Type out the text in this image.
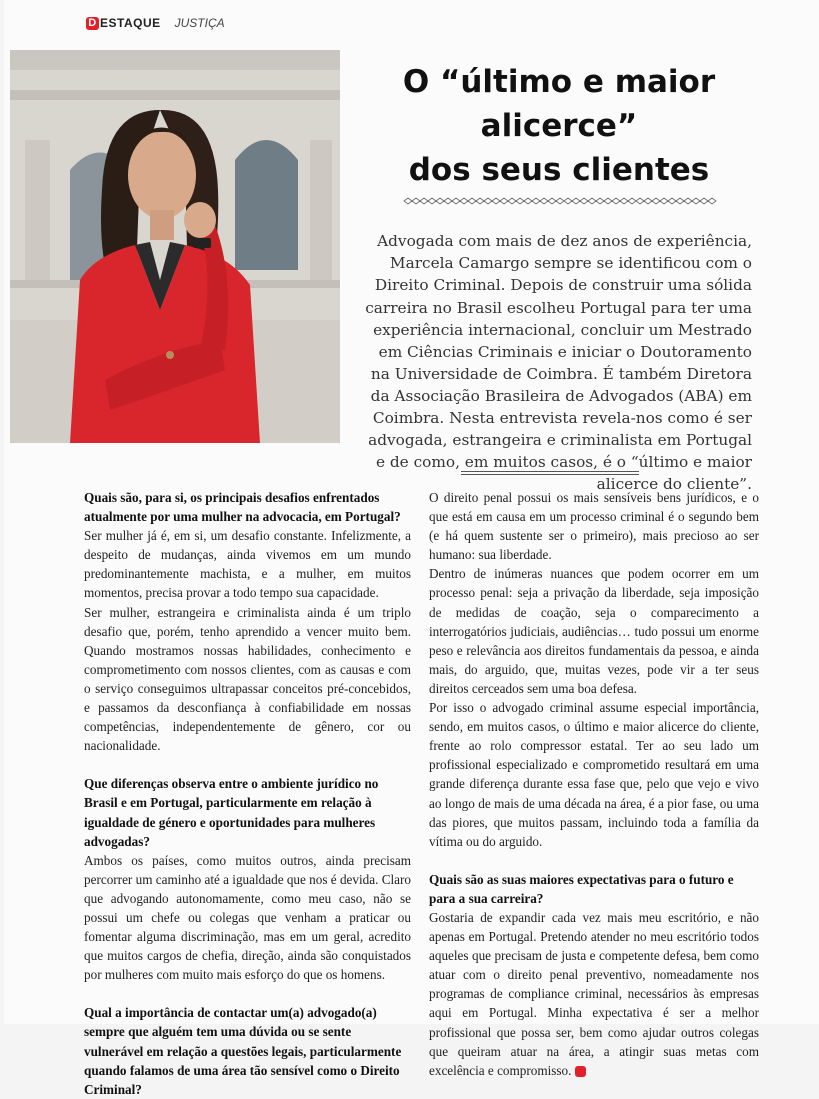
D ESTAQUE JUSTIÇA
O “último e maior
alicerce”
dos seus clientes

Advogada com mais de dez anos de experiência, Marcela Camargo sempre se identificou com o Direito Criminal. Depois de construir uma sólida carreira no Brasil escolheu Portugal para ter uma experiência internacional, concluir um Mestrado em Ciências Criminais e iniciar o Doutoramento na Universidade de Coimbra. É também Diretora da Associação Brasileira de Advogados (ABA) em Coimbra. Nesta entrevista revela-nos como é ser advogada, estrangeira e criminalista em Portugal e de como, em muitos casos, é o “último e maior alicerce do cliente”.

Quais são, para si, os principais desafios enfrentados atualmente por uma mulher na advocacia, em Portugal?

Ser mulher já é, em si, um desafio constante. Infelizmente, a despeito de mudanças, ainda vivemos em um mundo predominantemente machista, e a mulher, em muitos momentos, precisa provar a todo tempo sua capacidade.

Ser mulher, estrangeira e criminalista ainda é um triplo desafio que, porém, tenho aprendido a vencer muito bem. Quando mostramos nossas habilidades, conhecimento e comprometimento com nossos clientes, com as causas e com o serviço conseguimos ultrapassar conceitos pré-concebidos, e passamos da desconfiança à confiabilidade em nossas competências, independentemente de gênero, cor ou nacionalidade.

Que diferenças observa entre o ambiente jurídico no Brasil e em Portugal, particularmente em relação à igualdade de género e oportunidades para mulheres advogadas?

Ambos os países, como muitos outros, ainda precisam percorrer um caminho até a igualdade que nos é devida. Claro que advogando autonomamente, como meu caso, não se possui um chefe ou colegas que venham a praticar ou fomentar alguma discriminação, mas em um geral, acredito que muitos cargos de chefia, direção, ainda são conquistados por mulheres com muito mais esforço do que os homens.

Qual a importância de contactar um(a) advogado(a) sempre que alguém tem uma dúvida ou se sente vulnerável em relação a questões legais, particularmente quando falamos de uma área tão sensível como o Direito Criminal?

O direito penal possui os mais sensíveis bens jurídicos, e o que está em causa em um processo criminal é o segundo bem (e há quem sustente ser o primeiro), mais precioso ao ser humano: sua liberdade.

Dentro de inúmeras nuances que podem ocorrer em um processo penal: seja a privação da liberdade, seja imposição de medidas de coação, seja o comparecimento a interrogatórios judiciais, audiências… tudo possui um enorme peso e relevância aos direitos fundamentais da pessoa, e ainda mais, do arguido, que, muitas vezes, pode vir a ter seus direitos cerceados sem uma boa defesa.

Por isso o advogado criminal assume especial importância, sendo, em muitos casos, o último e maior alicerce do cliente, frente ao rolo compressor estatal. Ter ao seu lado um profissional especializado e comprometido resultará em uma grande diferença durante essa fase que, pelo que vejo e vivo ao longo de mais de uma década na área, é a pior fase, ou uma das piores, que muitos passam, incluindo toda a família da vítima ou do arguido.

Quais são as suas maiores expectativas para o futuro e para a sua carreira?

Gostaria de expandir cada vez mais meu escritório, e não apenas em Portugal. Pretendo atender no meu escritório todos aqueles que precisam de justa e competente defesa, bem como atuar com o direito penal preventivo, nomeadamente nos programas de compliance criminal, necessários às empresas aqui em Portugal. Minha expectativa é ser a melhor profissional que possa ser, bem como ajudar outros colegas que queiram atuar na área, a atingir suas metas com excelência e compromisso.
